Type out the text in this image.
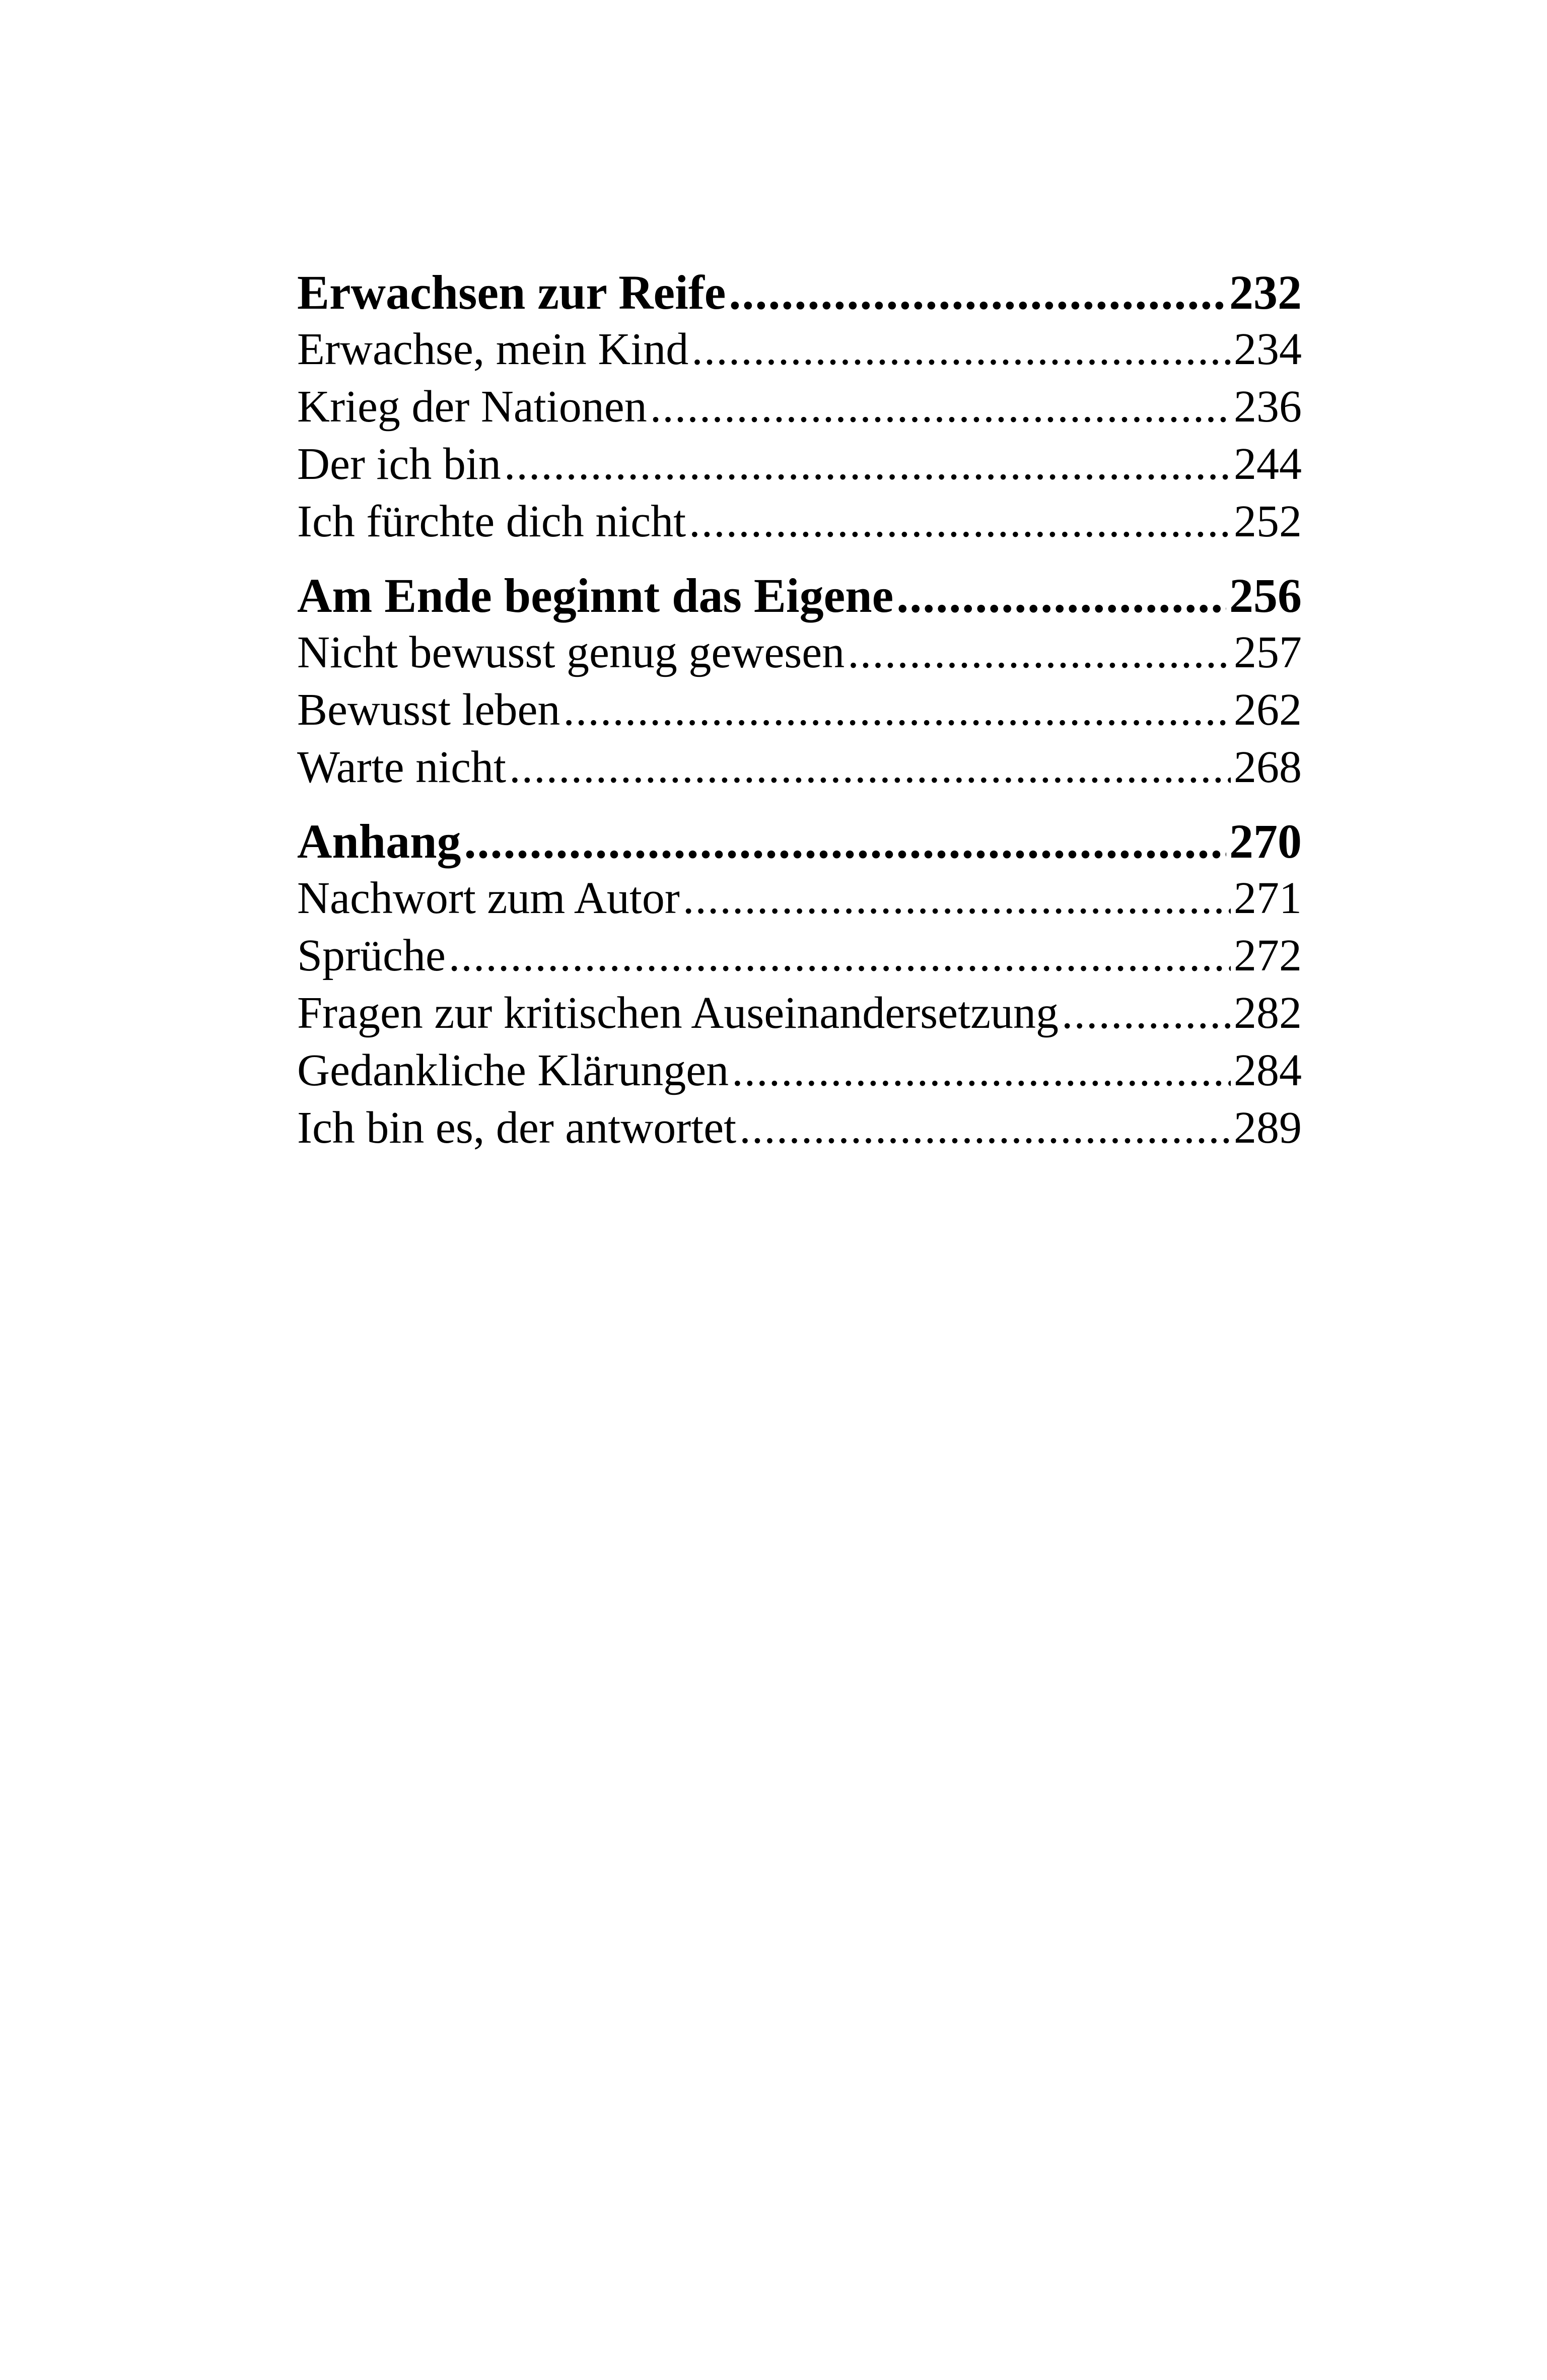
Erwachsen zur Reife .....	232
Erwachse, mein Kind .....	234
Krieg der Nationen .....	236
Der ich bin .....	244
Ich fürchte dich nicht .....	252
Am Ende beginnt das Eigene .....	256
Nicht bewusst genug gewesen .....	257
Bewusst leben .....	262
Warte nicht .....	268
Anhang .....	270
Nachwort zum Autor .....	271
Sprüche .....	272
Fragen zur kritischen Auseinandersetzung .....	282
Gedankliche Klärungen .....	284
Ich bin es, der antwortet .....	289
